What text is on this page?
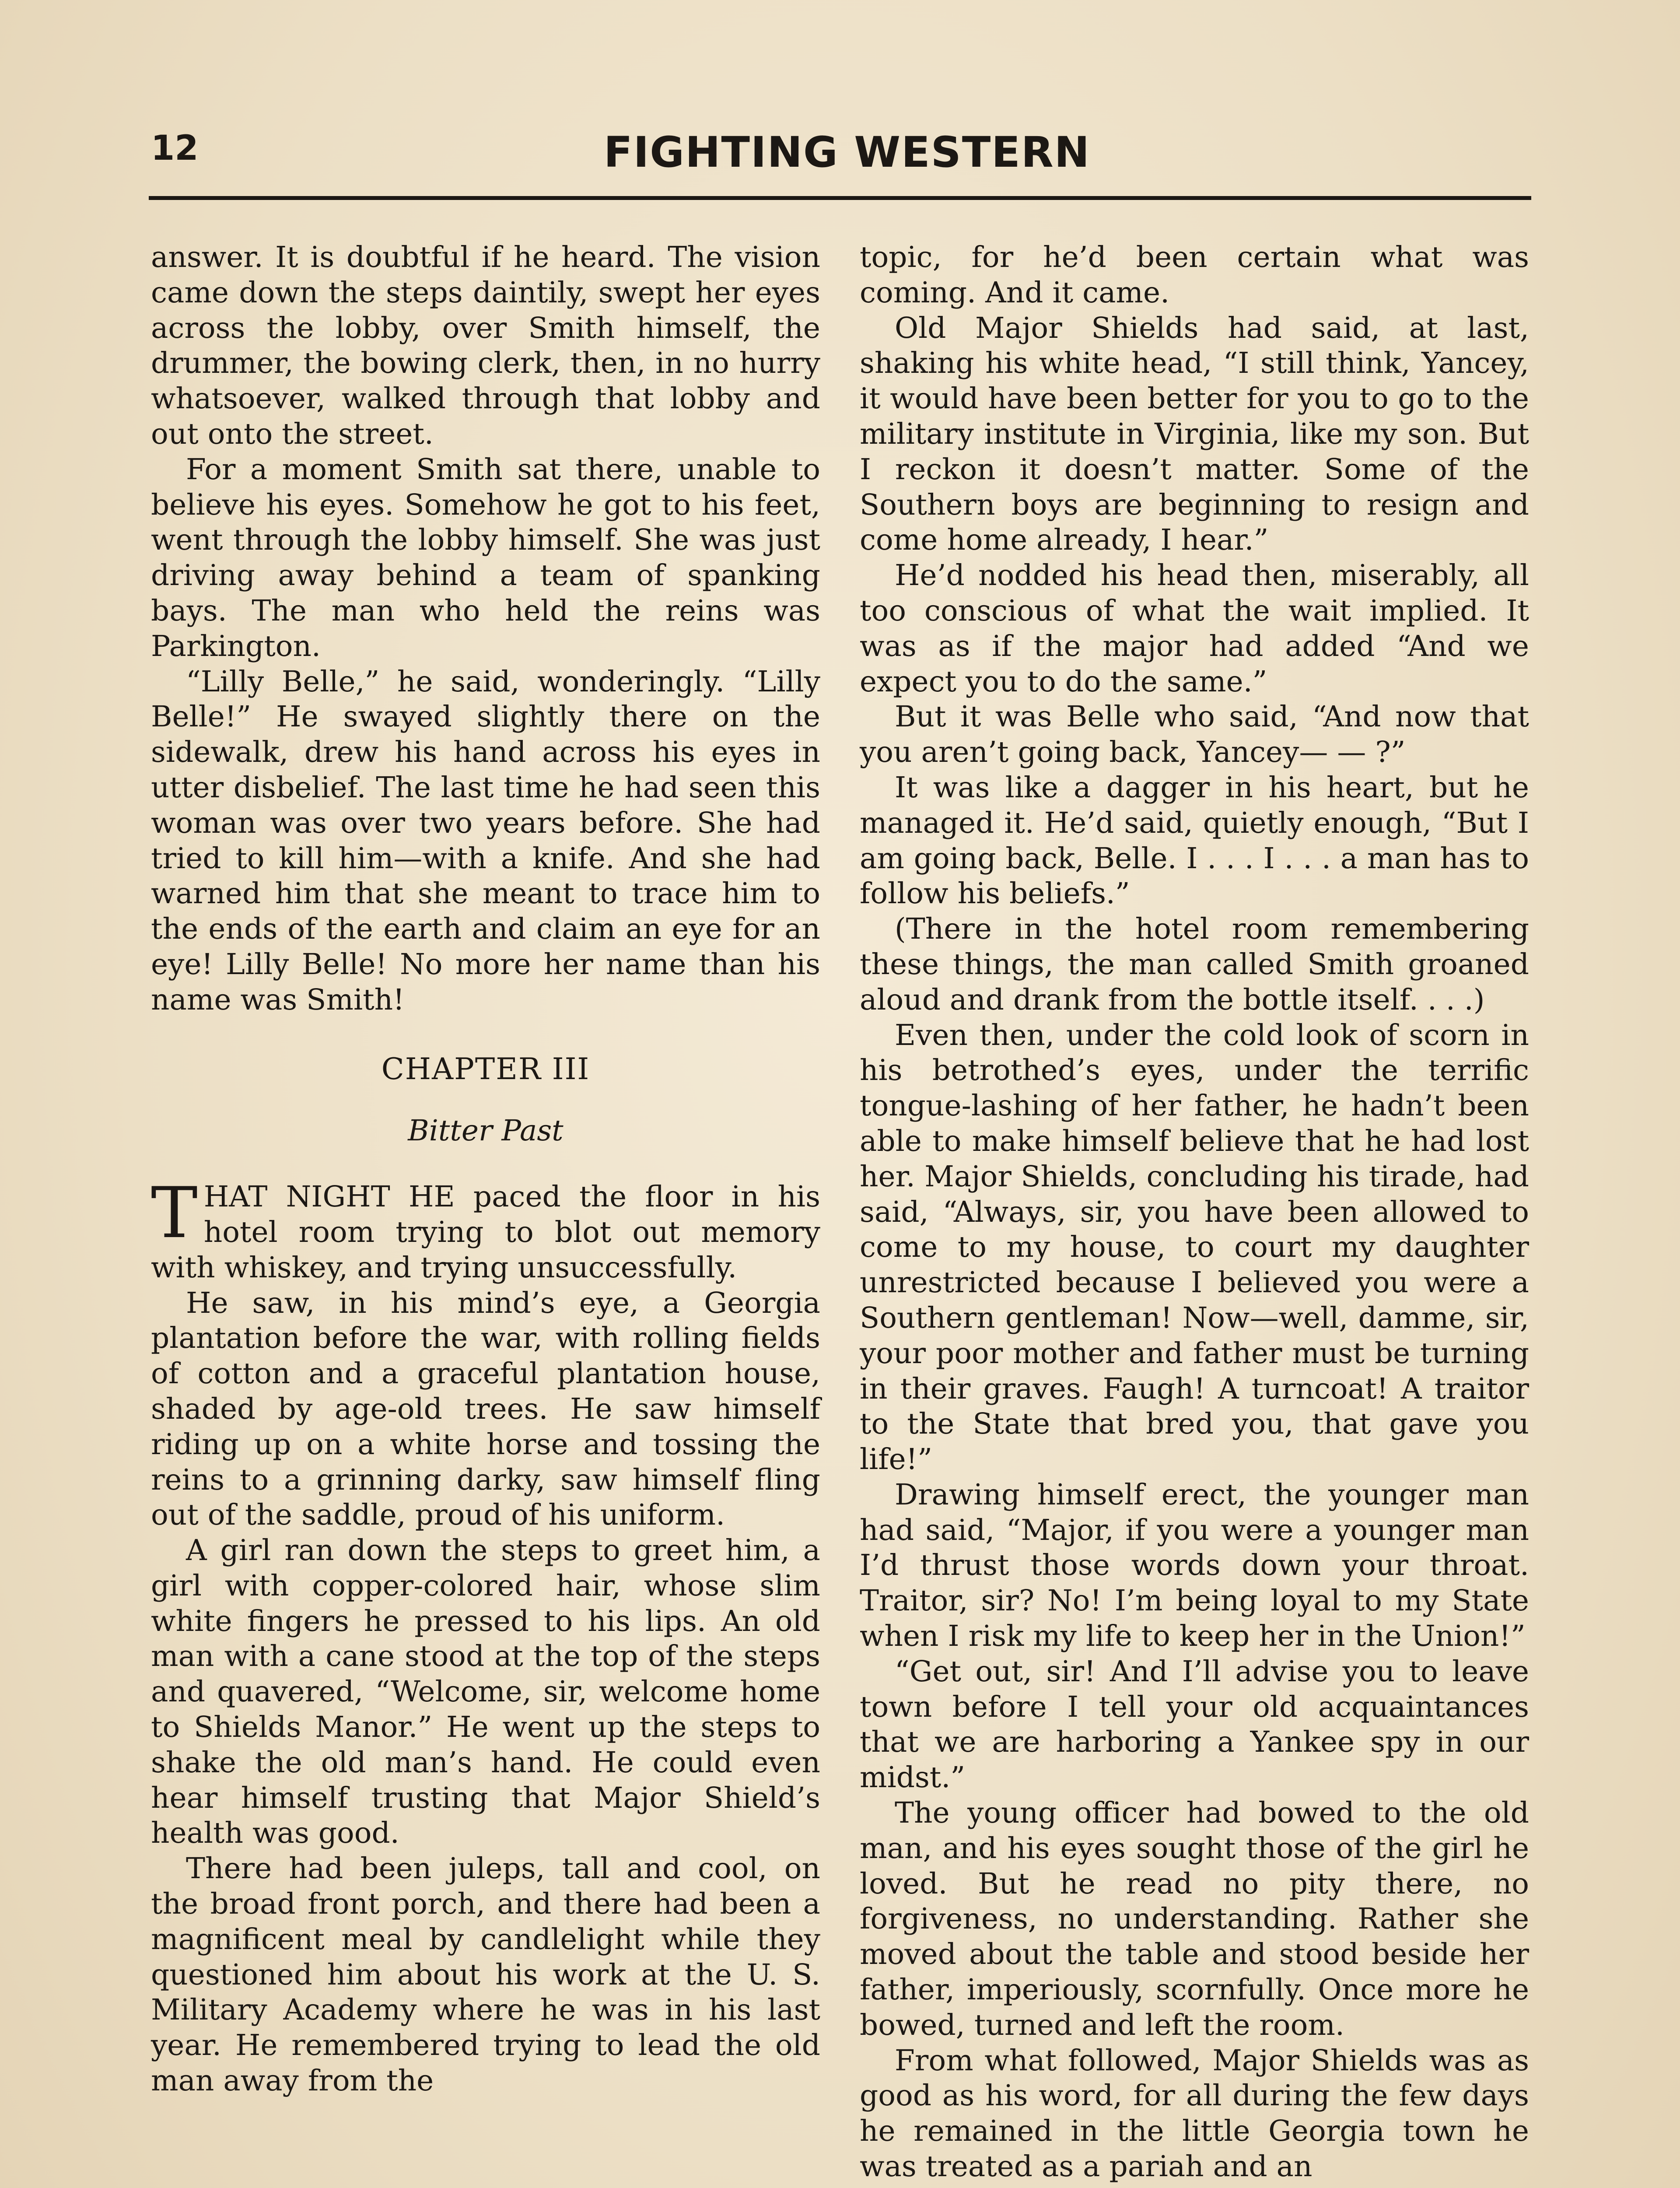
12	FIGHTING WESTERN

answer. It is doubtful if he heard. The vision came down the steps daintily, swept her eyes across the lobby, over Smith himself, the drummer, the bowing clerk, then, in no hurry whatsoever, walked through that lobby and out onto the street.

For a moment Smith sat there, unable to believe his eyes. Somehow he got to his feet, went through the lobby himself. She was just driving away behind a team of spanking bays. The man who held the reins was Parkington.

“Lilly Belle,” he said, wonderingly. “Lilly Belle!” He swayed slightly there on the sidewalk, drew his hand across his eyes in utter disbelief. The last time he had seen this woman was over two years before. She had tried to kill him—with a knife. And she had warned him that she meant to trace him to the ends of the earth and claim an eye for an eye! Lilly Belle! No more her name than his name was Smith!

CHAPTER III
Bitter Past

THAT NIGHT HE paced the floor in his hotel room trying to blot out memory with whiskey, and trying unsuccessfully.

He saw, in his mind’s eye, a Georgia plantation before the war, with rolling fields of cotton and a graceful plantation house, shaded by age-old trees. He saw himself riding up on a white horse and tossing the reins to a grinning darky, saw himself fling out of the saddle, proud of his uniform.

A girl ran down the steps to greet him, a girl with copper-colored hair, whose slim white fingers he pressed to his lips. An old man with a cane stood at the top of the steps and quavered, “Welcome, sir, welcome home to Shields Manor.” He went up the steps to shake the old man’s hand. He could even hear himself trusting that Major Shield’s health was good.

There had been juleps, tall and cool, on the broad front porch, and there had been a magnificent meal by candlelight while they questioned him about his work at the U. S. Military Academy where he was in his last year. He remembered trying to lead the old man away from the

topic, for he’d been certain what was coming. And it came.

Old Major Shields had said, at last, shaking his white head, “I still think, Yancey, it would have been better for you to go to the military institute in Virginia, like my son. But I reckon it doesn’t matter. Some of the Southern boys are beginning to resign and come home already, I hear.”

He’d nodded his head then, miserably, all too conscious of what the wait implied. It was as if the major had added “And we expect you to do the same.”

But it was Belle who said, “And now that you aren’t going back, Yancey— — ?”

It was like a dagger in his heart, but he managed it. He’d said, quietly enough, “But I am going back, Belle. I . . . I . . . a man has to follow his beliefs.”

(There in the hotel room remembering these things, the man called Smith groaned aloud and drank from the bottle itself. . . .)

Even then, under the cold look of scorn in his betrothed’s eyes, under the terrific tongue-lashing of her father, he hadn’t been able to make himself believe that he had lost her. Major Shields, concluding his tirade, had said, “Always, sir, you have been allowed to come to my house, to court my daughter unrestricted because I believed you were a Southern gentleman! Now—well, damme, sir, your poor mother and father must be turning in their graves. Faugh! A turncoat! A traitor to the State that bred you, that gave you life!”

Drawing himself erect, the younger man had said, “Major, if you were a younger man I’d thrust those words down your throat. Traitor, sir? No! I’m being loyal to my State when I risk my life to keep her in the Union!”

“Get out, sir! And I’ll advise you to leave town before I tell your old acquaintances that we are harboring a Yankee spy in our midst.”

The young officer had bowed to the old man, and his eyes sought those of the girl he loved. But he read no pity there, no forgiveness, no understanding. Rather she moved about the table and stood beside her father, imperiously, scornfully. Once more he bowed, turned and left the room.

From what followed, Major Shields was as good as his word, for all during the few days he remained in the little Georgia town he was treated as a pariah and an
